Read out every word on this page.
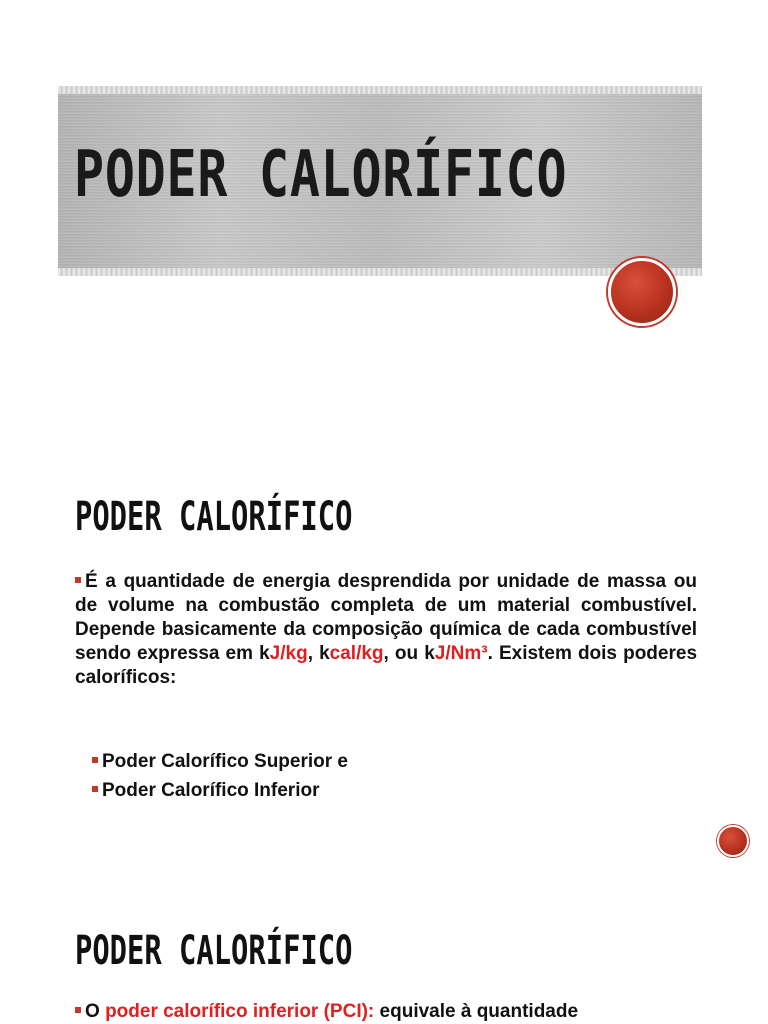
PODER CALORÍFICO
PODER CALORÍFICO
É a quantidade de energia desprendida por unidade de massa ou de volume na combustão completa de um material combustível. Depende basicamente da composição química de cada combustível sendo expressa em kJ/kg, kcal/kg, ou kJ/Nm³. Existem dois poderes caloríficos:
Poder Calorífico Superior e
Poder Calorífico Inferior
PODER CALORÍFICO
O poder calorífico inferior (PCI): equivale à quantidade
